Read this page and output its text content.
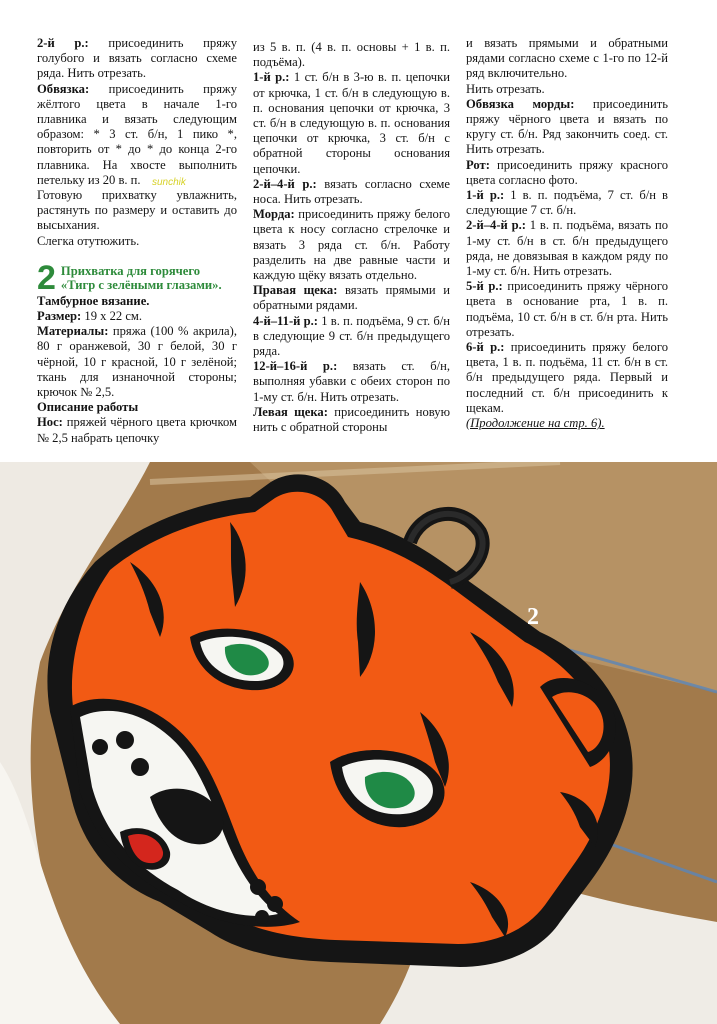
2-й р.: присоединить пряжу голубого и вязать согласно схеме ряда. Нить отрезать.

Обвязка: присоединить пряжу жёлтого цвета в начале 1-го плавника и вязать следующим образом: * 3 ст. б/н, 1 пико *, повторить от * до * до конца 2-го плавника. На хвосте выполнить петельку из 20 в. п.

Готовую прихватку увлажнить, растянуть по размеру и оставить до высыхания.

Слегка отутюжить.

2 Прихватка для горячего «Тигр с зелёными глазами».

Тамбурное вязание.

Размер: 19 x 22 см.

Материалы: пряжа (100 % акрила), 80 г оранжевой, 30 г белой, 30 г чёрной, 10 г красной, 10 г зелёной; ткань для изнаночной стороны; крючок № 2,5.

Описание работы

Нос: пряжей чёрного цвета крючком № 2,5 набрать цепочку

sunchik

из 5 в. п. (4 в. п. основы + 1 в. п. подъёма).

1-й р.: 1 ст. б/н в 3-ю в. п. цепочки от крючка, 1 ст. б/н в следующую в. п. основания цепочки от крючка, 3 ст. б/н в следующую в. п. основания цепочки от крючка, 3 ст. б/н с обратной стороны основания цепочки.

2-й–4-й р.: вязать согласно схеме носа. Нить отрезать.

Морда: присоединить пряжу белого цвета к носу согласно стрелочке и вязать 3 ряда ст. б/н. Работу разделить на две равные части и каждую щёку вязать отдельно.

Правая щека: вязать прямыми и обратными рядами.

4-й–11-й р.: 1 в. п. подъёма, 9 ст. б/н в следующие 9 ст. б/н предыдущего ряда.

12-й–16-й р.: вязать ст. б/н, выполняя убавки с обеих сторон по 1-му ст. б/н. Нить отрезать.

Левая щека: присоединить новую нить с обратной стороны

и вязать прямыми и обратными рядами согласно схеме с 1-го по 12-й ряд включительно.

Нить отрезать.

Обвязка морды: присоединить пряжу чёрного цвета и вязать по кругу ст. б/н. Ряд закончить соед. ст. Нить отрезать.

Рот: присоединить пряжу красного цвета согласно фото.

1-й р.: 1 в. п. подъёма, 7 ст. б/н в следующие 7 ст. б/н.

2-й–4-й р.: 1 в. п. подъёма, вязать по 1-му ст. б/н в ст. б/н предыдущего ряда, не довязывая в каждом ряду по 1-му ст. б/н. Нить отрезать.

5-й р.: присоединить пряжу чёрного цвета в основание рта, 1 в. п. подъёма, 10 ст. б/н в ст. б/н рта. Нить отрезать.

6-й р.: присоединить пряжу белого цвета, 1 в. п. подъёма, 11 ст. б/н в ст. б/н предыдущего ряда. Первый и последний ст. б/н присоединить к щекам.

(Продолжение на стр. 6).

2
